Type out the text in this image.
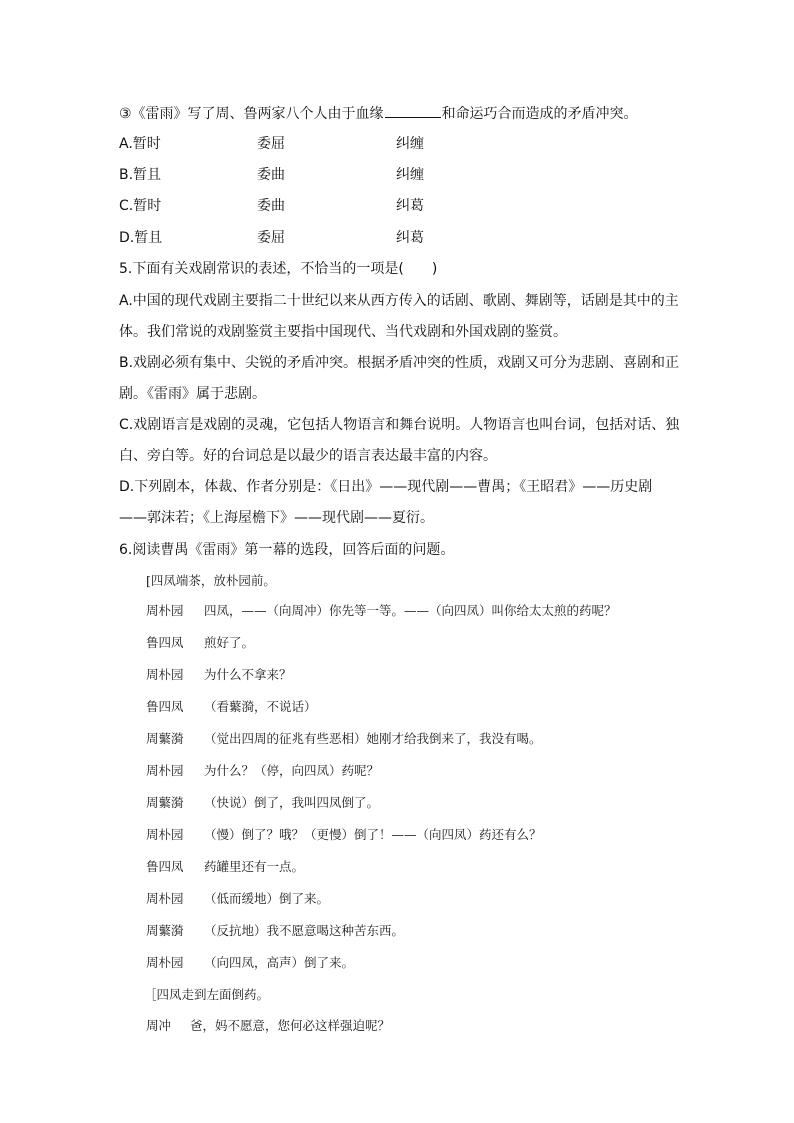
③《雷雨》写了周、鲁两家八个人由于血缘	和命运巧合而造成的矛盾冲突。
A.暂时	委屈	纠缠
B.暂且	委曲	纠缠
C.暂时	委曲	纠葛
D.暂且	委屈	纠葛
5.下面有关戏剧常识的表述，不恰当的一项是(　　)
A.中国的现代戏剧主要指二十世纪以来从西方传入的话剧、歌剧、舞剧等，话剧是其中的主
体。我们常说的戏剧鉴赏主要指中国现代、当代戏剧和外国戏剧的鉴赏。
B.戏剧必须有集中、尖锐的矛盾冲突。根据矛盾冲突的性质，戏剧又可分为悲剧、喜剧和正
剧。《雷雨》属于悲剧。
C.戏剧语言是戏剧的灵魂，它包括人物语言和舞台说明。人物语言也叫台词，包括对话、独
白、旁白等。好的台词总是以最少的语言表达最丰富的内容。
D.下列剧本，体裁、作者分别是：《日出》——现代剧——曹禺；《王昭君》——历史剧
——郭沫若；《上海屋檐下》——现代剧——夏衍。
6.阅读曹禺《雷雨》第一幕的选段，回答后面的问题。
[四凤端茶，放朴园前。
周朴园 四凤，——（向周冲）你先等一等。——（向四凤）叫你给太太煎的药呢？
鲁四凤 煎好了。
周朴园 为什么不拿来？
鲁四凤 （看蘩漪，不说话）
周蘩漪 （觉出四周的征兆有些恶相）她刚才给我倒来了，我没有喝。
周朴园 为什么？（停，向四凤）药呢？
周蘩漪 （快说）倒了，我叫四凤倒了。
周朴园 （慢）倒了？哦？（更慢）倒了！——（向四凤）药还有么？
鲁四凤 药罐里还有一点。
周朴园 （低而缓地）倒了来。
周蘩漪 （反抗地）我不愿意喝这种苦东西。
周朴园 （向四凤，高声）倒了来。
［四凤走到左面倒药。
周冲 爸，妈不愿意，您何必这样强迫呢？
